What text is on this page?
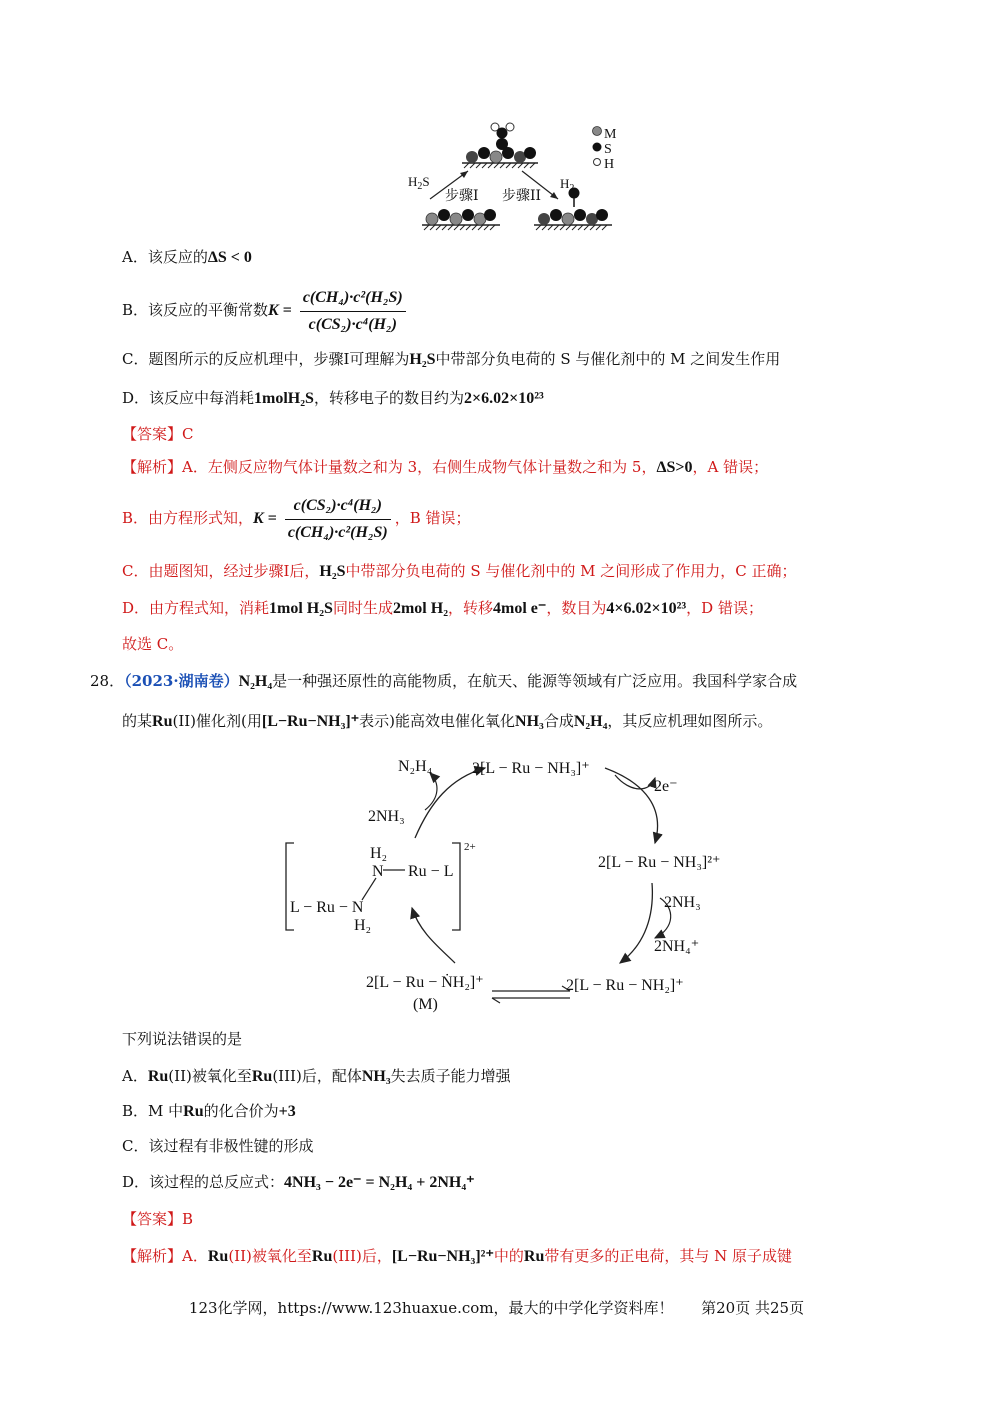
M
S
H
$H_2S$
步骤I
$H_2$
步骤II
A．该反应的ΔS < 0
B．该反应的平衡常数$K = \frac{\text{c(CH₄)·c²(H₂S)}}{\text{c(CS₂)·c⁴(H₂)}}$
C．题图所示的反应机理中，步骤Ⅰ可理解为H₂S中带部分负电荷的 S 与催化剂中的 M 之间发生作用
D．该反应中每消耗1molH₂S，转移电子的数目约为2×6.02×10²³
【答案】C
【解析】A．左侧反应物气体计量数之和为 3，右侧生成物气体计量数之和为 5，ΔS>0，A 错误；
B．由方程形式知，$K = \frac{\text{c(CS₂)·c⁴(H₂)}}{\text{c(CH₄)·c²(H₂S)}}$ ，B 错误；
C．由题图知，经过步骤Ⅰ后，H₂S中带部分负电荷的 S 与催化剂中的 M 之间形成了作用力，C 正确；
D．由方程式知，消耗1mol H₂S同时生成2mol H₂，转移4mol e⁻，数目为4×6.02×10²³，D 错误；
故选 C。
28．（2023·湖南卷）N₂H₄是一种强还原性的高能物质，在航天、能源等领域有广泛应用。我国科学家合成
的某Ru(II)催化剂(用[L−Ru−NH₃]⁺表示)能高效电催化氧化NH₃合成N₂H₄，其反应机理如图所示。
N₂H₄ 2[L − Ru − NH₃]⁺
2e⁻
2NH₃
2[L − Ru − NH₃]²⁺
2NH₃
2NH₄⁺
2[L − Ru − NH₂]⁺
2[L − Ru − ṄH₂]⁺
(M)
H₂
N Ru − L
L − Ru − N
H₂
2+
下列说法错误的是
A．Ru(II)被氧化至Ru(III)后，配体NH₃失去质子能力增强
B．M 中Ru的化合价为+3
C．该过程有非极性键的形成
D．该过程的总反应式：4NH₃ − 2e⁻ = N₂H₄ + 2NH₄⁺
【答案】B
【解析】A．Ru(II)被氧化至Ru(III)后，[L−Ru−NH₃]²⁺中的Ru带有更多的正电荷，其与 N 原子成键
123化学网，https://www.123huaxue.com，最大的中学化学资料库！ 第20页 共25页
